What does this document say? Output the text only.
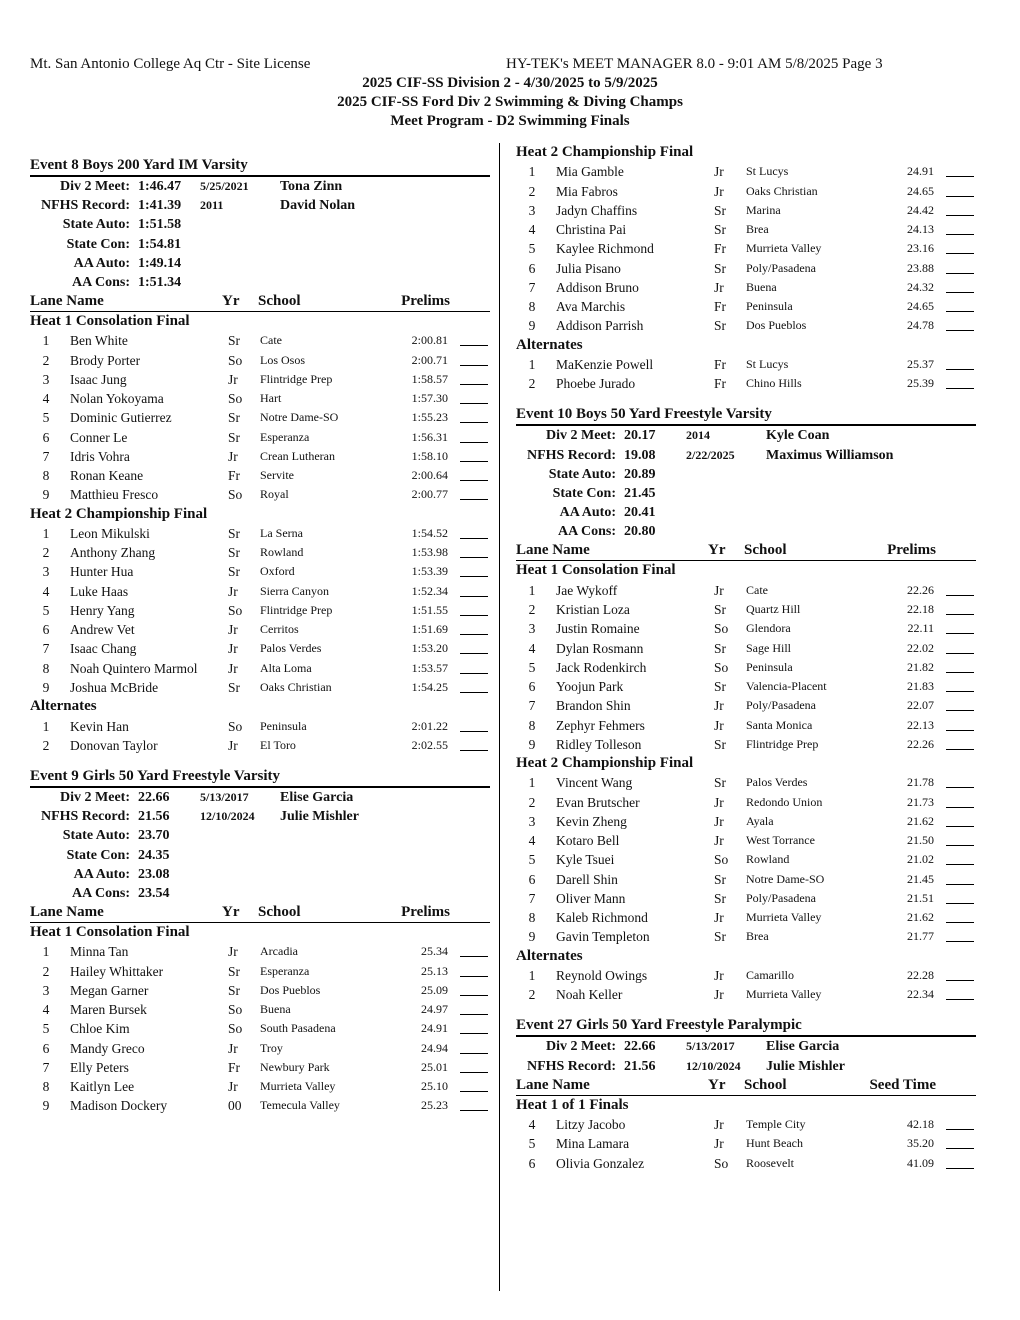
Mt. San Antonio College Aq Ctr - Site License	HY-TEK's MEET MANAGER 8.0 - 9:01 AM 5/8/2025 Page 3
2025 CIF-SS Division 2 - 4/30/2025 to 5/9/2025
2025 CIF-SS Ford Div 2 Swimming & Diving Champs
Meet Program - D2 Swimming Finals
Event 8 Boys 200 Yard IM Varsity
Div 2 Meet: 1:46.47 5/25/2021 Tona Zinn
NFHS Record: 1:41.39 2011	David Nolan
State Auto: 1:51.58
State Con: 1:54.81
AA Auto: 1:49.14
AA Cons: 1:51.34
Lane Name	Yr School	Prelims
Heat 1 Consolation Final
1	Ben White	Sr Cate	2:00.81
2	Brody Porter	So Los Osos	2:00.71
3	Isaac Jung	Jr Flintridge Prep	1:58.57
4	Nolan Yokoyama	So Hart	1:57.30
5	Dominic Gutierrez	Sr Notre Dame-SO	1:55.23
6	Conner Le	Sr Esperanza	1:56.31
7	Idris Vohra	Jr Crean Lutheran	1:58.10
8	Ronan Keane	Fr Servite	2:00.64
9	Matthieu Fresco	So Royal	2:00.77
Heat 2 Championship Final
1	Leon Mikulski	Sr La Serna	1:54.52
2	Anthony Zhang	Sr Rowland	1:53.98
3	Hunter Hua	Sr Oxford	1:53.39
4	Luke Haas	Jr Sierra Canyon	1:52.34
5	Henry Yang	So Flintridge Prep	1:51.55
6	Andrew Vet	Jr Cerritos	1:51.69
7	Isaac Chang	Jr Palos Verdes	1:53.20
8	Noah Quintero Marmol Jr Alta Loma	1:53.57
9	Joshua McBride	Sr Oaks Christian	1:54.25
Alternates
1	Kevin Han	So Peninsula	2:01.22
2	Donovan Taylor	Jr El Toro	2:02.55
Event 9 Girls 50 Yard Freestyle Varsity
Div 2 Meet: 22.66	5/13/2017 Elise Garcia
NFHS Record: 21.56	12/10/2024 Julie Mishler
State Auto: 23.70
State Con: 24.35
AA Auto: 23.08
AA Cons: 23.54
Lane Name	Yr School	Prelims
Heat 1 Consolation Final
1	Minna Tan	Jr Arcadia	25.34
2	Hailey Whittaker	Sr Esperanza	25.13
3	Megan Garner	Sr Dos Pueblos	25.09
4	Maren Bursek	So Buena	24.97
5	Chloe Kim	So South Pasadena	24.91
6	Mandy Greco	Jr Troy	24.94
7	Elly Peters	Fr Newbury Park	25.01
8	Kaitlyn Lee	Jr Murrieta Valley	25.10
9	Madison Dockery	00 Temecula Valley	25.23
Heat 2 Championship Final
1	Mia Gamble	Jr St Lucys	24.91
2	Mia Fabros	Jr Oaks Christian	24.65
3	Jadyn Chaffins	Sr Marina	24.42
4	Christina Pai	Sr Brea	24.13
5	Kaylee Richmond	Fr Murrieta Valley	23.16
6	Julia Pisano	Sr Poly/Pasadena	23.88
7	Addison Bruno	Jr Buena	24.32
8	Ava Marchis	Fr Peninsula	24.65
9	Addison Parrish	Sr Dos Pueblos	24.78
Alternates
1	MaKenzie Powell	Fr St Lucys	25.37
2	Phoebe Jurado	Fr Chino Hills	25.39
Event 10 Boys 50 Yard Freestyle Varsity
Div 2 Meet: 20.17	2014	Kyle Coan
NFHS Record: 19.08	2/22/2025 Maximus Williamson
State Auto: 20.89
State Con: 21.45
AA Auto: 20.41
AA Cons: 20.80
Lane Name	Yr School	Prelims
Heat 1 Consolation Final
1	Jae Wykoff	Jr Cate	22.26
2	Kristian Loza	Sr Quartz Hill	22.18
3	Justin Romaine	So Glendora	22.11
4	Dylan Rosmann	Sr Sage Hill	22.02
5	Jack Rodenkirch	So Peninsula	21.82
6	Yoojun Park	Sr Valencia-Placent	21.83
7	Brandon Shin	Jr Poly/Pasadena	22.07
8	Zephyr Fehmers	Jr Santa Monica	22.13
9	Ridley Tolleson	Sr Flintridge Prep	22.26
Heat 2 Championship Final
1	Vincent Wang	Sr Palos Verdes	21.78
2	Evan Brutscher	Jr Redondo Union	21.73
3	Kevin Zheng	Jr Ayala	21.62
4	Kotaro Bell	Jr West Torrance	21.50
5	Kyle Tsuei	So Rowland	21.02
6	Darell Shin	Sr Notre Dame-SO	21.45
7	Oliver Mann	Sr Poly/Pasadena	21.51
8	Kaleb Richmond	Jr Murrieta Valley	21.62
9	Gavin Templeton	Sr Brea	21.77
Alternates
1	Reynold Owings	Jr Camarillo	22.28
2	Noah Keller	Jr Murrieta Valley	22.34
Event 27 Girls 50 Yard Freestyle Paralympic
Div 2 Meet: 22.66	5/13/2017 Elise Garcia
NFHS Record: 21.56	12/10/2024 Julie Mishler
Lane Name	Yr School	Seed Time
Heat 1 of 1 Finals
4	Litzy Jacobo	Jr Temple City	42.18
5	Mina Lamara	Jr Hunt Beach	35.20
6	Olivia Gonzalez	So Roosevelt	41.09
